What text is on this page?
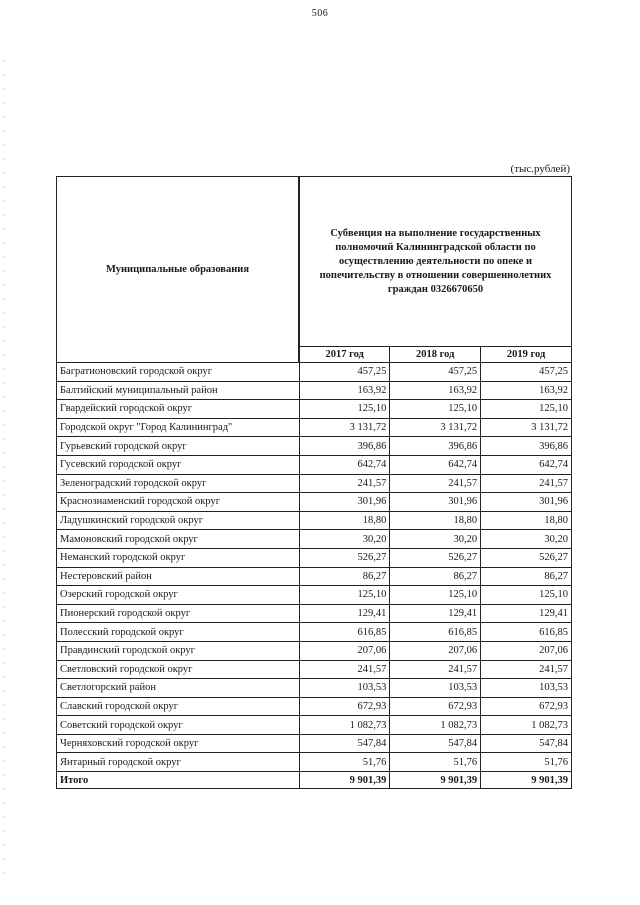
506
(тыс.рублей)
Муниципальные образования	Субвенция на выполнение государственных полномочий Калининградской области по осуществлению деятельности по опеке и попечительству в отношении совершеннолетних граждан 0326670650		
	2017 год	2018 год	2019 год
Багратионовский городской округ	457,25	457,25	457,25
Балтийский муниципальный район	163,92	163,92	163,92
Гвардейский городской округ	125,10	125,10	125,10
Городской округ "Город Калининград"	3 131,72	3 131,72	3 131,72
Гурьевский городской округ	396,86	396,86	396,86
Гусевский городской округ	642,74	642,74	642,74
Зеленоградский городской округ	241,57	241,57	241,57
Краснознаменский городской округ	301,96	301,96	301,96
Ладушкинский городской округ	18,80	18,80	18,80
Мамоновский городской округ	30,20	30,20	30,20
Неманский городской округ	526,27	526,27	526,27
Нестеровский район	86,27	86,27	86,27
Озерский городской округ	125,10	125,10	125,10
Пионерский городской округ	129,41	129,41	129,41
Полесский городской округ	616,85	616,85	616,85
Правдинский городской округ	207,06	207,06	207,06
Светловский городской округ	241,57	241,57	241,57
Светлогорский район	103,53	103,53	103,53
Славский городской округ	672,93	672,93	672,93
Советский городской округ	1 082,73	1 082,73	1 082,73
Черняховский городской округ	547,84	547,84	547,84
Янтарный городской округ	51,76	51,76	51,76
Итого	9 901,39	9 901,39	9 901,39
